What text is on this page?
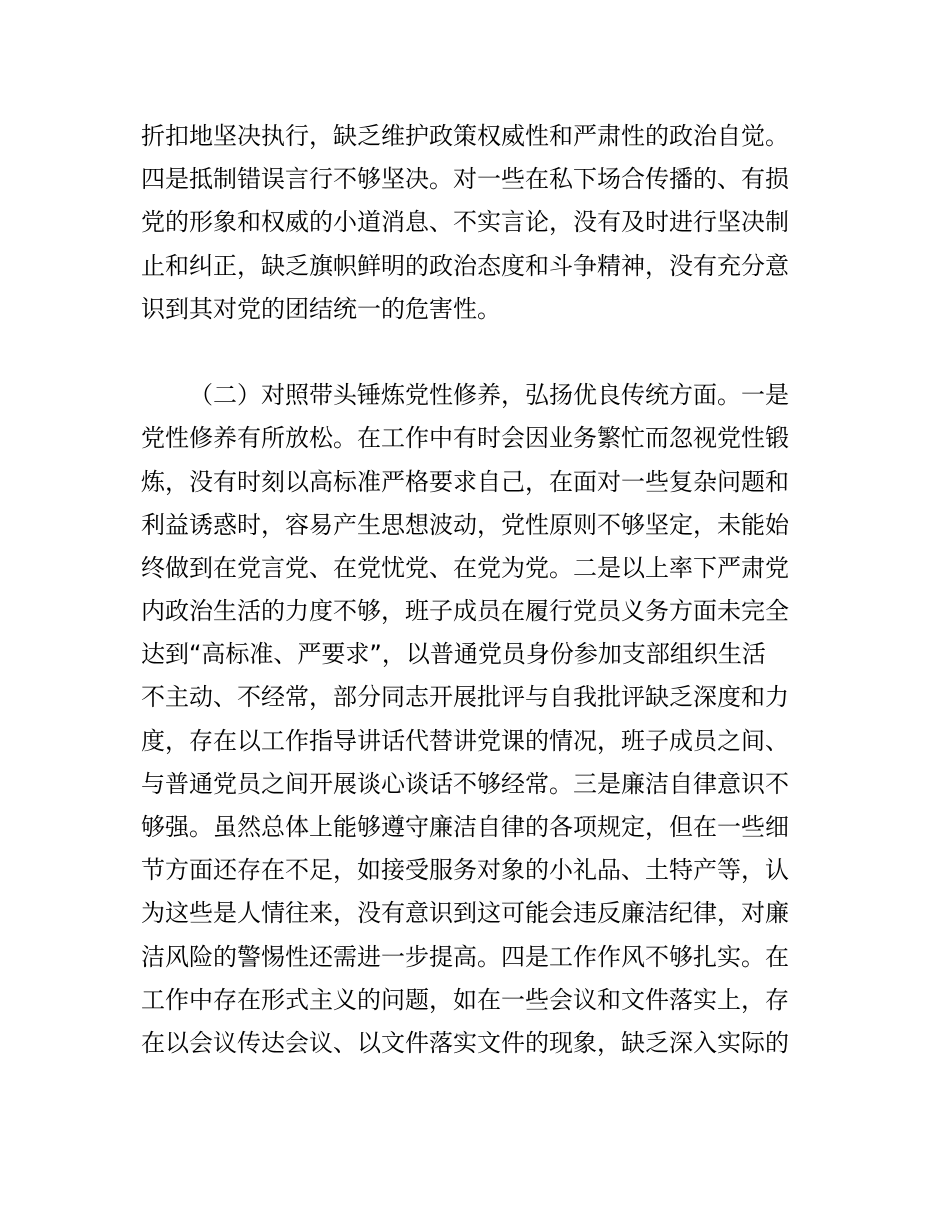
折扣地坚决执行，缺乏维护政策权威性和严肃性的政治自觉。
四是抵制错误言行不够坚决。对一些在私下场合传播的、有损
党的形象和权威的小道消息、不实言论，没有及时进行坚决制
止和纠正，缺乏旗帜鲜明的政治态度和斗争精神，没有充分意
识到其对党的团结统一的危害性。
（二）对照带头锤炼党性修养，弘扬优良传统方面。一是
党性修养有所放松。在工作中有时会因业务繁忙而忽视党性锻
炼，没有时刻以高标准严格要求自己，在面对一些复杂问题和
利益诱惑时，容易产生思想波动，党性原则不够坚定，未能始
终做到在党言党、在党忧党、在党为党。二是以上率下严肃党
内政治生活的力度不够，班子成员在履行党员义务方面未完全
达到“高标准、严要求”，以普通党员身份参加支部组织生活
不主动、不经常，部分同志开展批评与自我批评缺乏深度和力
度，存在以工作指导讲话代替讲党课的情况，班子成员之间、
与普通党员之间开展谈心谈话不够经常。三是廉洁自律意识不
够强。虽然总体上能够遵守廉洁自律的各项规定，但在一些细
节方面还存在不足，如接受服务对象的小礼品、土特产等，认
为这些是人情往来，没有意识到这可能会违反廉洁纪律，对廉
洁风险的警惕性还需进一步提高。四是工作作风不够扎实。在
工作中存在形式主义的问题，如在一些会议和文件落实上，存
在以会议传达会议、以文件落实文件的现象，缺乏深入实际的
